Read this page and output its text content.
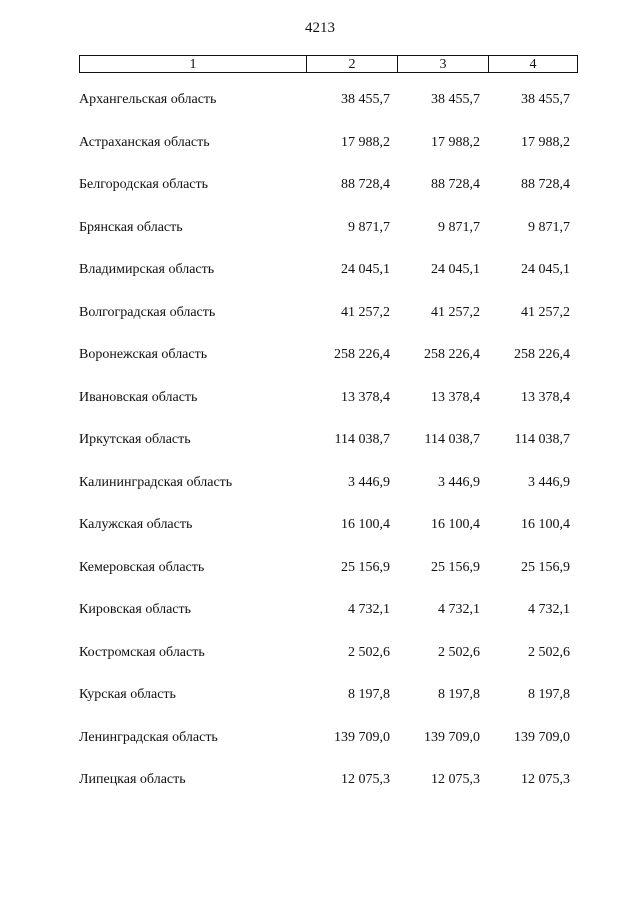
4213
1	2	3	4
Архангельская область	38 455,7	38 455,7	38 455,7
Астраханская область	17 988,2	17 988,2	17 988,2
Белгородская область	88 728,4	88 728,4	88 728,4
Брянская область	9 871,7	9 871,7	9 871,7
Владимирская область	24 045,1	24 045,1	24 045,1
Волгоградская область	41 257,2	41 257,2	41 257,2
Воронежская область	258 226,4	258 226,4	258 226,4
Ивановская область	13 378,4	13 378,4	13 378,4
Иркутская область	114 038,7	114 038,7	114 038,7
Калининградская область	3 446,9	3 446,9	3 446,9
Калужская область	16 100,4	16 100,4	16 100,4
Кемеровская область	25 156,9	25 156,9	25 156,9
Кировская область	4 732,1	4 732,1	4 732,1
Костромская область	2 502,6	2 502,6	2 502,6
Курская область	8 197,8	8 197,8	8 197,8
Ленинградская область	139 709,0	139 709,0	139 709,0
Липецкая область	12 075,3	12 075,3	12 075,3
